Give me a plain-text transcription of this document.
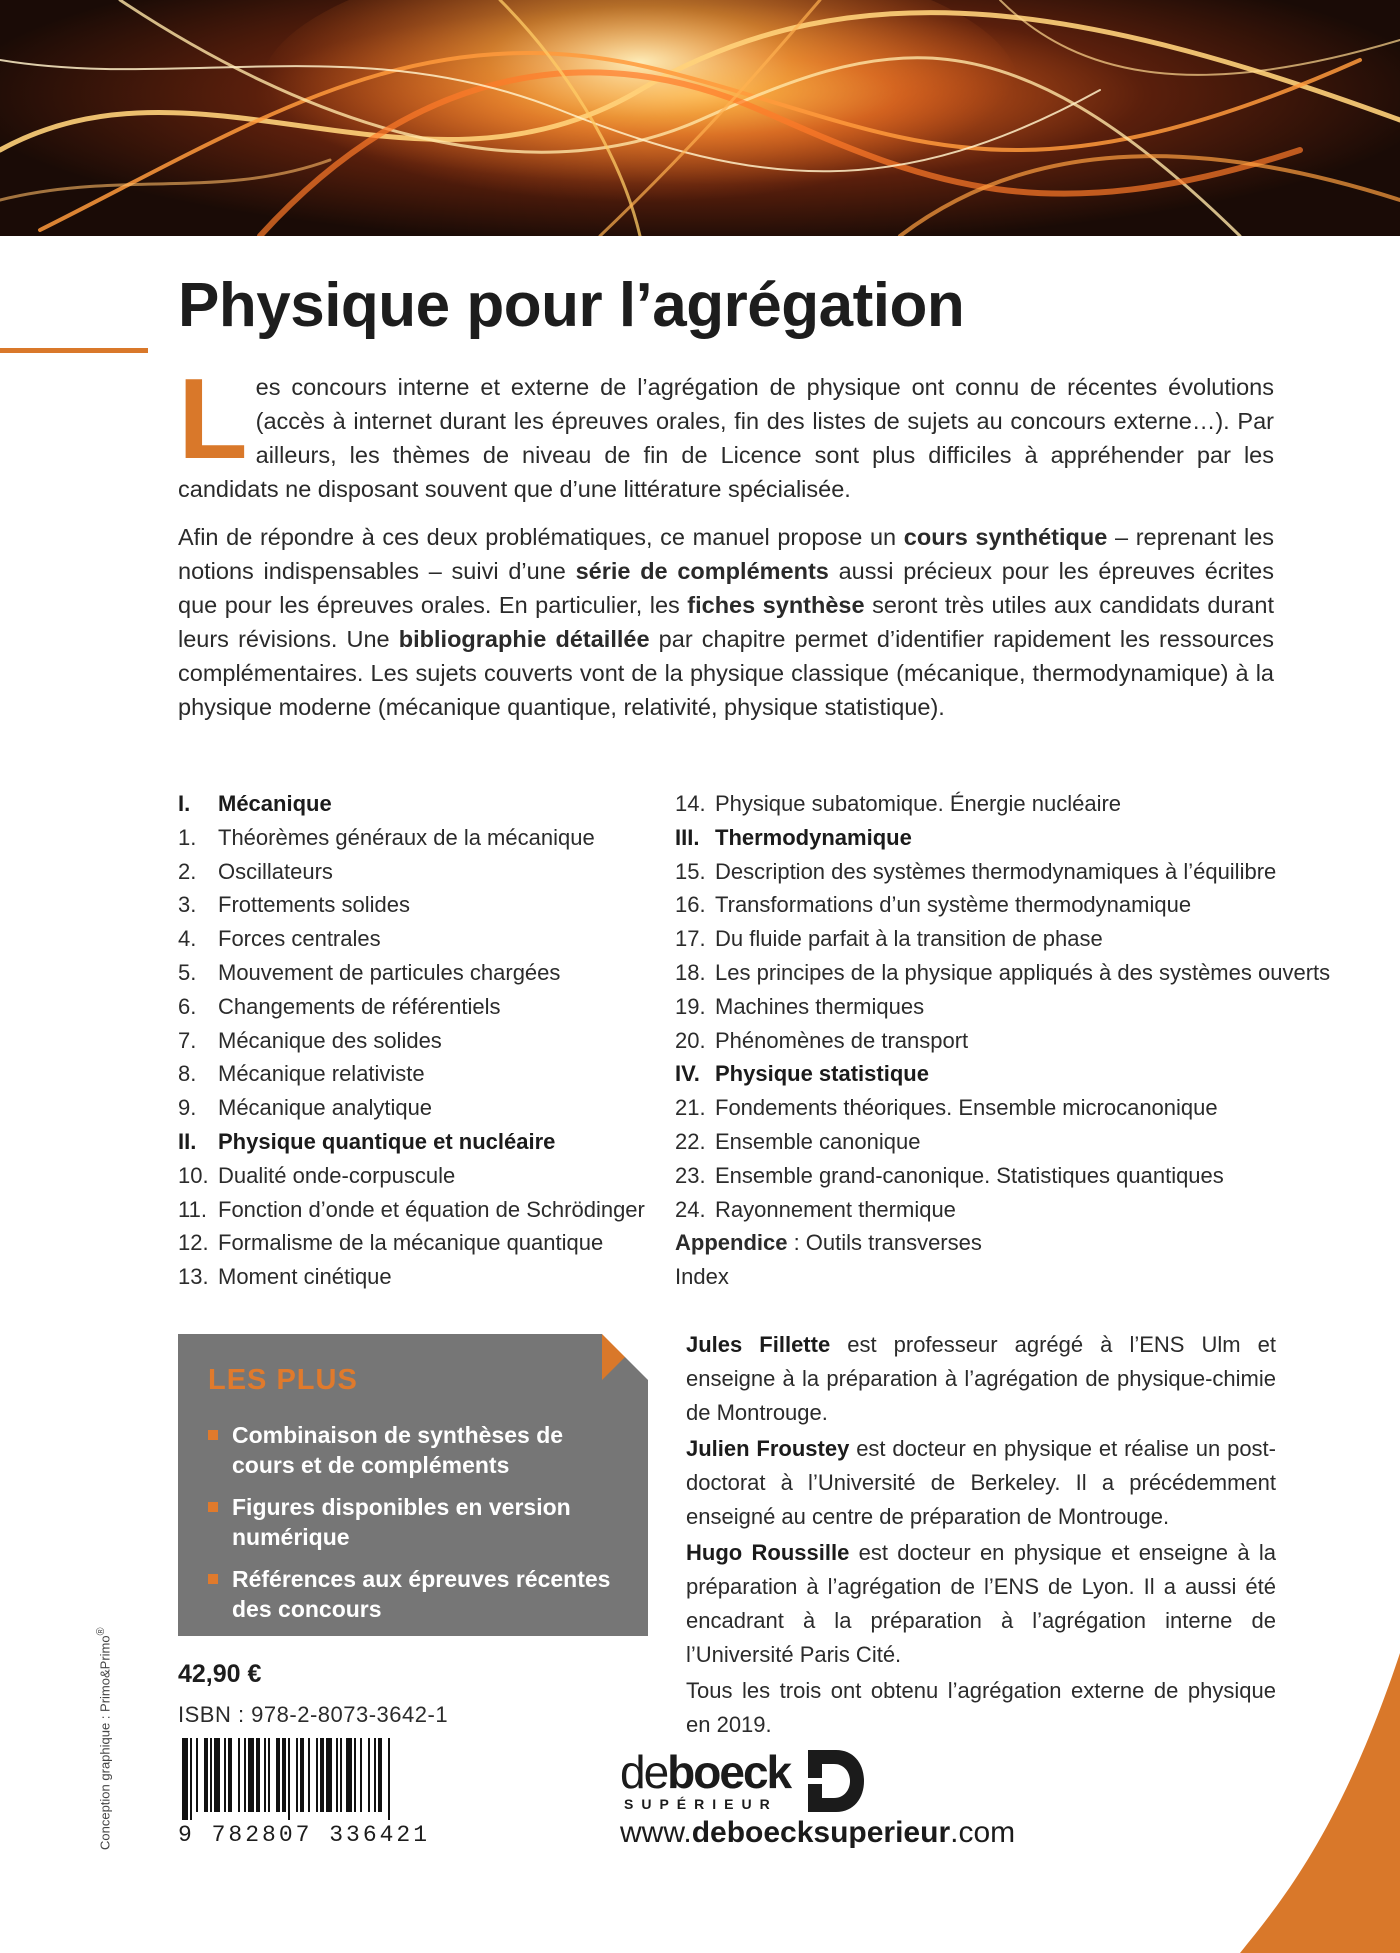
Physique pour l’agrégation

Les concours interne et externe de l’agrégation de physique ont connu de récentes évolutions (accès à internet durant les épreuves orales, fin des listes de sujets au concours externe…). Par ailleurs, les thèmes de niveau de fin de Licence sont plus difficiles à appréhender par les candidats ne disposant souvent que d’une littérature spécialisée.

Afin de répondre à ces deux problématiques, ce manuel propose un cours synthétique – reprenant les notions indispensables – suivi d’une série de compléments aussi précieux pour les épreuves écrites que pour les épreuves orales. En particulier, les fiches synthèse seront très utiles aux candidats durant leurs révisions. Une bibliographie détaillée par chapitre permet d’identifier rapidement les ressources complémentaires. Les sujets couverts vont de la physique classique (mécanique, thermodynamique) à la physique moderne (mécanique quantique, relativité, physique statistique).

I. Mécanique
1. Théorèmes généraux de la mécanique
2. Oscillateurs
3. Frottements solides
4. Forces centrales
5. Mouvement de particules chargées
6. Changements de référentiels
7. Mécanique des solides
8. Mécanique relativiste
9. Mécanique analytique
II. Physique quantique et nucléaire
10. Dualité onde-corpuscule
11. Fonction d’onde et équation de Schrödinger
12. Formalisme de la mécanique quantique
13. Moment cinétique
14. Physique subatomique. Énergie nucléaire
III. Thermodynamique
15. Description des systèmes thermodynamiques à l’équilibre
16. Transformations d’un système thermodynamique
17. Du fluide parfait à la transition de phase
18. Les principes de la physique appliqués à des systèmes ouverts
19. Machines thermiques
20. Phénomènes de transport
IV. Physique statistique
21. Fondements théoriques. Ensemble microcanonique
22. Ensemble canonique
23. Ensemble grand-canonique. Statistiques quantiques
24. Rayonnement thermique
Appendice : Outils transverses
Index
LES PLUS
Combinaison de synthèses de cours et de compléments
Figures disponibles en version numérique
Références aux épreuves récentes des concours

Jules Fillette est professeur agrégé à l’ENS Ulm et enseigne à la préparation à l’agrégation de physique-chimie de Montrouge.

Julien Froustey est docteur en physique et réalise un post-doctorat à l’Université de Berkeley. Il a précédemment enseigné au centre de préparation de Montrouge.

Hugo Roussille est docteur en physique et enseigne à la préparation à l’agrégation de l’ENS de Lyon. Il a aussi été encadrant à la préparation à l’agrégation interne de l’Université Paris Cité.

Tous les trois ont obtenu l’agrégation externe de physique en 2019.

42,90 €
ISBN : 978-2-8073-3642-1
9 782807 336421
Conception graphique : Primo&Primo®
deboeck
SUPÉRIEUR
www.deboecksuperieur.com
